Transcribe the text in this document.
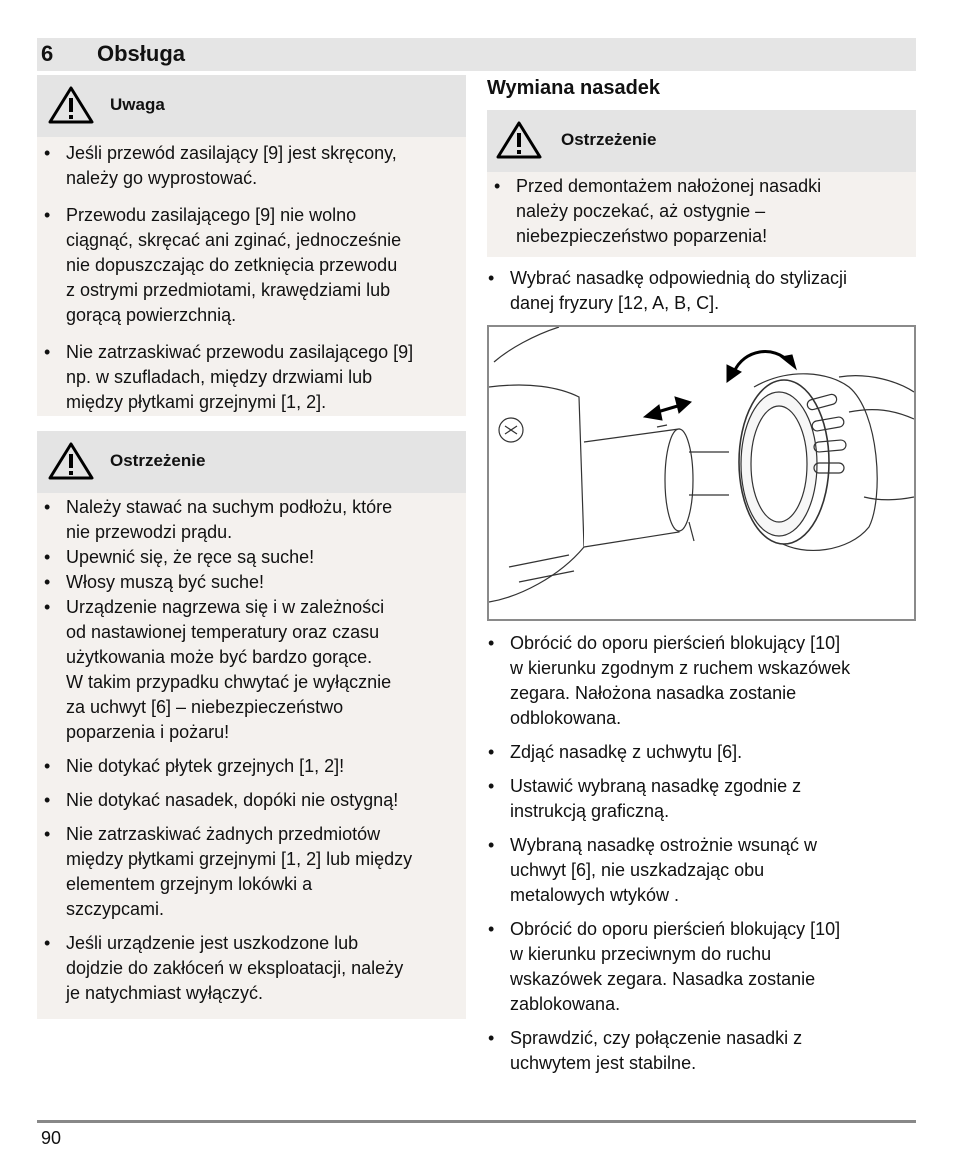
6 Obsługa
Uwaga
• Jeśli przewód zasilający [9] jest skręcony,
należy go wyprostować.
• Przewodu zasilającego [9] nie wolno
ciągnąć, skręcać ani zginać, jednocześnie
nie dopuszczając do zetknięcia przewodu
z ostrymi przedmiotami, krawędziami lub
gorącą powierzchnią.
• Nie zatrzaskiwać przewodu zasilającego [9]
np. w szufladach, między drzwiami lub
między płytkami grzejnymi [1, 2].
Ostrzeżenie
• Należy stawać na suchym podłożu, które
nie przewodzi prądu.
• Upewnić się, że ręce są suche!
• Włosy muszą być suche!
• Urządzenie nagrzewa się i w zależności
od nastawionej temperatury oraz czasu
użytkowania może być bardzo gorące.
W takim przypadku chwytać je wyłącznie
za uchwyt [6] – niebezpieczeństwo
poparzenia i pożaru!
• Nie dotykać płytek grzejnych [1, 2]!
• Nie dotykać nasadek, dopóki nie ostygną!
• Nie zatrzaskiwać żadnych przedmiotów
między płytkami grzejnymi [1, 2] lub między
elementem grzejnym lokówki a
szczypcami.
• Jeśli urządzenie jest uszkodzone lub
dojdzie do zakłóceń w eksploatacji, należy
je natychmiast wyłączyć.
Wymiana nasadek
Ostrzeżenie
• Przed demontażem nałożonej nasadki
należy poczekać, aż ostygnie –
niebezpieczeństwo poparzenia!
• Wybrać nasadkę odpowiednią do stylizacji
danej fryzury [12, A, B, C].
• Obrócić do oporu pierścień blokujący [10]
w kierunku zgodnym z ruchem wskazówek
zegara. Nałożona nasadka zostanie
odblokowana.
• Zdjąć nasadkę z uchwytu [6].
• Ustawić wybraną nasadkę zgodnie z
instrukcją graficzną.
• Wybraną nasadkę ostrożnie wsunąć w
uchwyt [6], nie uszkadzając obu
metalowych wtyków .
• Obrócić do oporu pierścień blokujący [10]
w kierunku przeciwnym do ruchu
wskazówek zegara. Nasadka zostanie
zablokowana.
• Sprawdzić, czy połączenie nasadki z
uchwytem jest stabilne.
90
